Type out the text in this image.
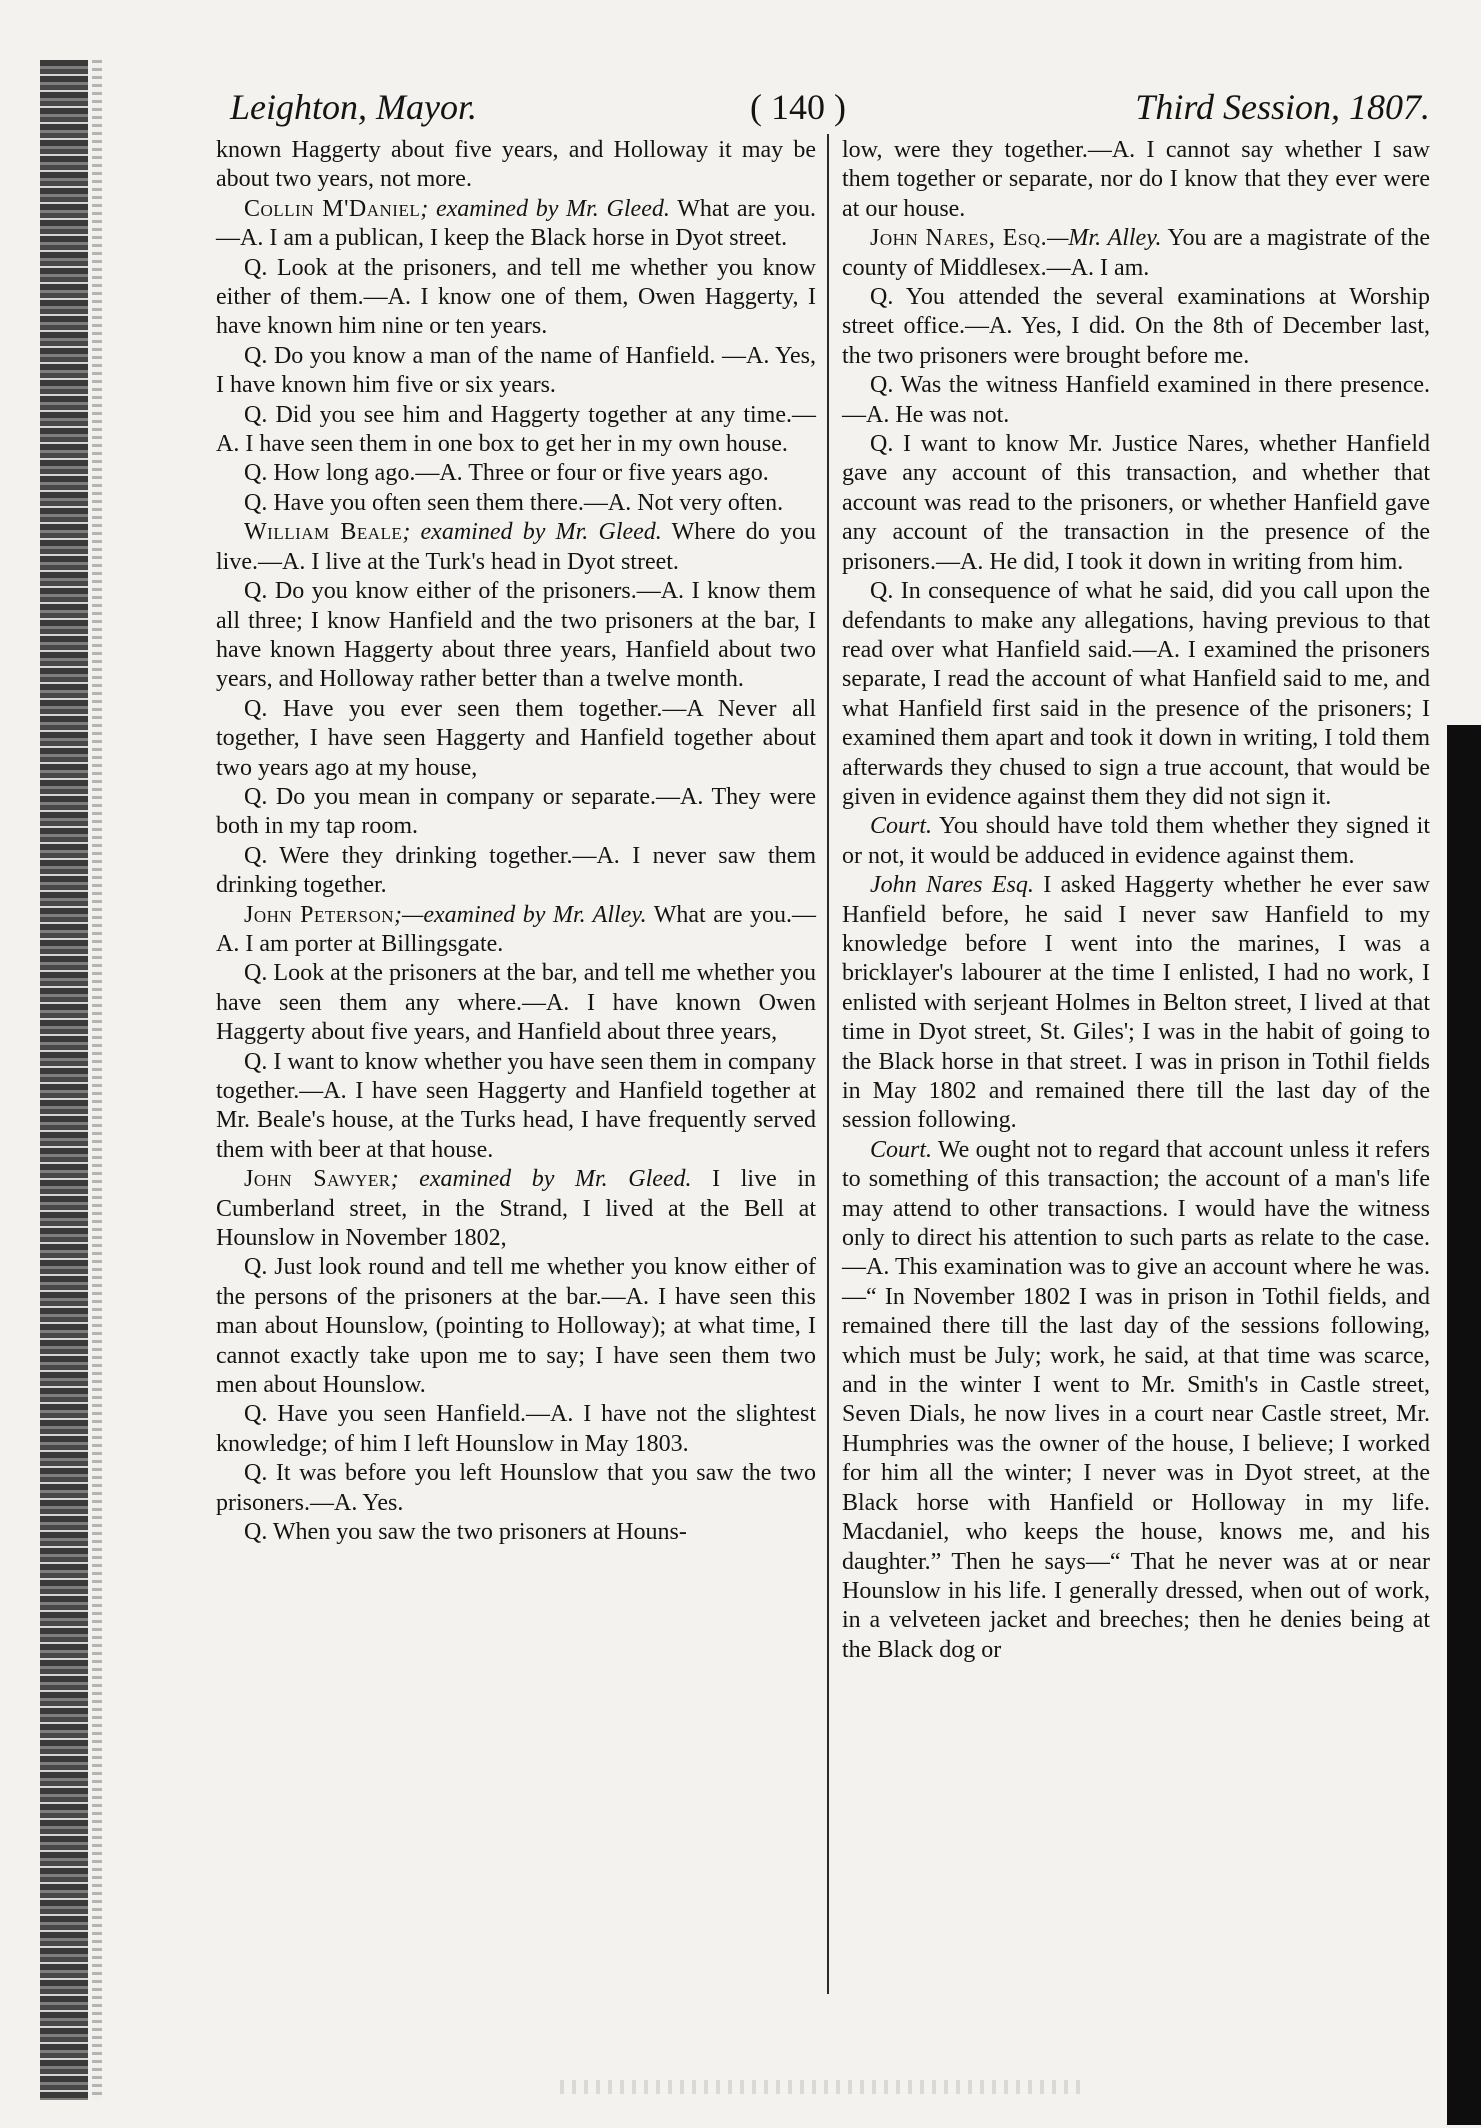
Leighton, Mayor.	( 140 )	Third Session, 1807.

known Haggerty about five years, and Holloway it may be about two years, not more.

Collin M'Daniel; examined by Mr. Gleed. What are you.—A. I am a publican, I keep the Black horse in Dyot street.

Q. Look at the prisoners, and tell me whether you know either of them.—A. I know one of them, Owen Haggerty, I have known him nine or ten years.

Q. Do you know a man of the name of Hanfield. —A. Yes, I have known him five or six years.

Q. Did you see him and Haggerty together at any time.—A. I have seen them in one box to get her in my own house.

Q. How long ago.—A. Three or four or five years ago.

Q. Have you often seen them there.—A. Not very often.

William Beale; examined by Mr. Gleed. Where do you live.—A. I live at the Turk's head in Dyot street.

Q. Do you know either of the prisoners.—A. I know them all three; I know Hanfield and the two prisoners at the bar, I have known Haggerty about three years, Hanfield about two years, and Holloway rather better than a twelve month.

Q. Have you ever seen them together.—A Never all together, I have seen Haggerty and Hanfield together about two years ago at my house,

Q. Do you mean in company or separate.—A. They were both in my tap room.

Q. Were they drinking together.—A. I never saw them drinking together.

John Peterson;—examined by Mr. Alley. What are you.—A. I am porter at Billingsgate.

Q. Look at the prisoners at the bar, and tell me whether you have seen them any where.—A. I have known Owen Haggerty about five years, and Hanfield about three years,

Q. I want to know whether you have seen them in company together.—A. I have seen Haggerty and Hanfield together at Mr. Beale's house, at the Turks head, I have frequently served them with beer at that house.

John Sawyer; examined by Mr. Gleed. I live in Cumberland street, in the Strand, I lived at the Bell at Hounslow in November 1802,

Q. Just look round and tell me whether you know either of the persons of the prisoners at the bar.—A. I have seen this man about Hounslow, (pointing to Holloway); at what time, I cannot exactly take upon me to say; I have seen them two men about Hounslow.

Q. Have you seen Hanfield.—A. I have not the slightest knowledge; of him I left Hounslow in May 1803.

Q. It was before you left Hounslow that you saw the two prisoners.—A. Yes.

Q. When you saw the two prisoners at Houns-

low, were they together.—A. I cannot say whether I saw them together or separate, nor do I know that they ever were at our house.

John Nares, Esq.—Mr. Alley. You are a magistrate of the county of Middlesex.—A. I am.

Q. You attended the several examinations at Worship street office.—A. Yes, I did. On the 8th of December last, the two prisoners were brought before me.

Q. Was the witness Hanfield examined in there presence.—A. He was not.

Q. I want to know Mr. Justice Nares, whether Hanfield gave any account of this transaction, and whether that account was read to the prisoners, or whether Hanfield gave any account of the transaction in the presence of the prisoners.—A. He did, I took it down in writing from him.

Q. In consequence of what he said, did you call upon the defendants to make any allegations, having previous to that read over what Hanfield said.—A. I examined the prisoners separate, I read the account of what Hanfield said to me, and what Hanfield first said in the presence of the prisoners; I examined them apart and took it down in writing, I told them afterwards they chused to sign a true account, that would be given in evidence against them they did not sign it.

Court. You should have told them whether they signed it or not, it would be adduced in evidence against them.

John Nares Esq. I asked Haggerty whether he ever saw Hanfield before, he said I never saw Hanfield to my knowledge before I went into the marines, I was a bricklayer's labourer at the time I enlisted, I had no work, I enlisted with serjeant Holmes in Belton street, I lived at that time in Dyot street, St. Giles'; I was in the habit of going to the Black horse in that street. I was in prison in Tothil fields in May 1802 and remained there till the last day of the session following.

Court. We ought not to regard that account unless it refers to something of this transaction; the account of a man's life may attend to other transactions. I would have the witness only to direct his attention to such parts as relate to the case.—A. This examination was to give an account where he was.—“ In November 1802 I was in prison in Tothil fields, and remained there till the last day of the sessions following, which must be July; work, he said, at that time was scarce, and in the winter I went to Mr. Smith's in Castle street, Seven Dials, he now lives in a court near Castle street, Mr. Humphries was the owner of the house, I believe; I worked for him all the winter; I never was in Dyot street, at the Black horse with Hanfield or Holloway in my life. Macdaniel, who keeps the house, knows me, and his daughter.” Then he says—“ That he never was at or near Hounslow in his life. I generally dressed, when out of work, in a velveteen jacket and breeches; then he denies being at the Black dog or
